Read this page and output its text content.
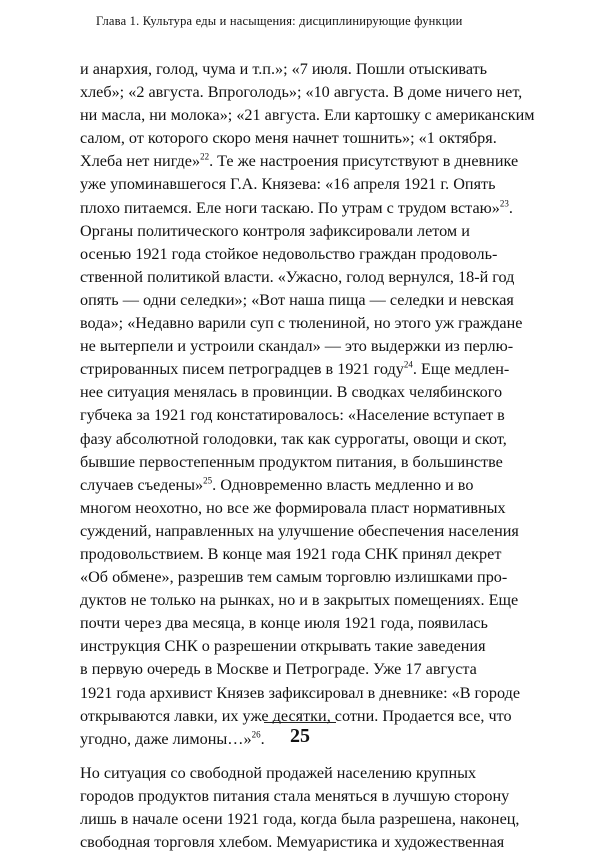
Глава 1. Культура еды и насыщения: дисциплинирующие функции
и анархия, голод, чума и т.п.»; «7 июля. Пошли отыскивать
хлеб»; «2 августа. Впроголодь»; «10 августа. В доме ничего нет,
ни масла, ни молока»; «21 августа. Ели картошку с американским
салом, от которого скоро меня начнет тошнить»; «1 октября.
Хлеба нет нигде»$^{22}$. Те же настроения присутствуют в дневнике
уже упоминавшегося Г.А. Князева: «16 апреля 1921 г. Опять
плохо питаемся. Еле ноги таскаю. По утрам с трудом встаю»$^{23}$.
Органы политического контроля зафиксировали летом и
осенью 1921 года стойкое недовольство граждан продоволь-
ственной политикой власти. «Ужасно, голод вернулся, 18-й год
опять — одни селедки»; «Вот наша пища — селедки и невская
вода»; «Недавно варили суп с тюлениной, но этого уж граждане
не вытерпели и устроили скандал» — это выдержки из перлю-
стрированных писем петроградцев в 1921 году$^{24}$. Еще медлен-
нее ситуация менялась в провинции. В сводках челябинского
губчека за 1921 год констатировалось: «Население вступает в
фазу абсолютной голодовки, так как суррогаты, овощи и скот,
бывшие первостепенным продуктом питания, в большинстве
случаев съедены»$^{25}$. Одновременно власть медленно и во
многом неохотно, но все же формировала пласт нормативных
суждений, направленных на улучшение обеспечения населения
продовольствием. В конце мая 1921 года СНК принял декрет
«Об обмене», разрешив тем самым торговлю излишками про-
дуктов не только на рынках, но и в закрытых помещениях. Еще
почти через два месяца, в конце июля 1921 года, появилась
инструкция СНК о разрешении открывать такие заведения
в первую очередь в Москве и Петрограде. Уже 17 августа
1921 года архивист Князев зафиксировал в дневнике: «В городе
открываются лавки, их уже десятки, сотни. Продается все, что
угодно, даже лимоны…»$^{26}$.
Но ситуация со свободной продажей населению крупных
городов продуктов питания стала меняться в лучшую сторону
лишь в начале осени 1921 года, когда была разрешена, наконец,
свободная торговля хлебом. Мемуаристика и художественная
25
